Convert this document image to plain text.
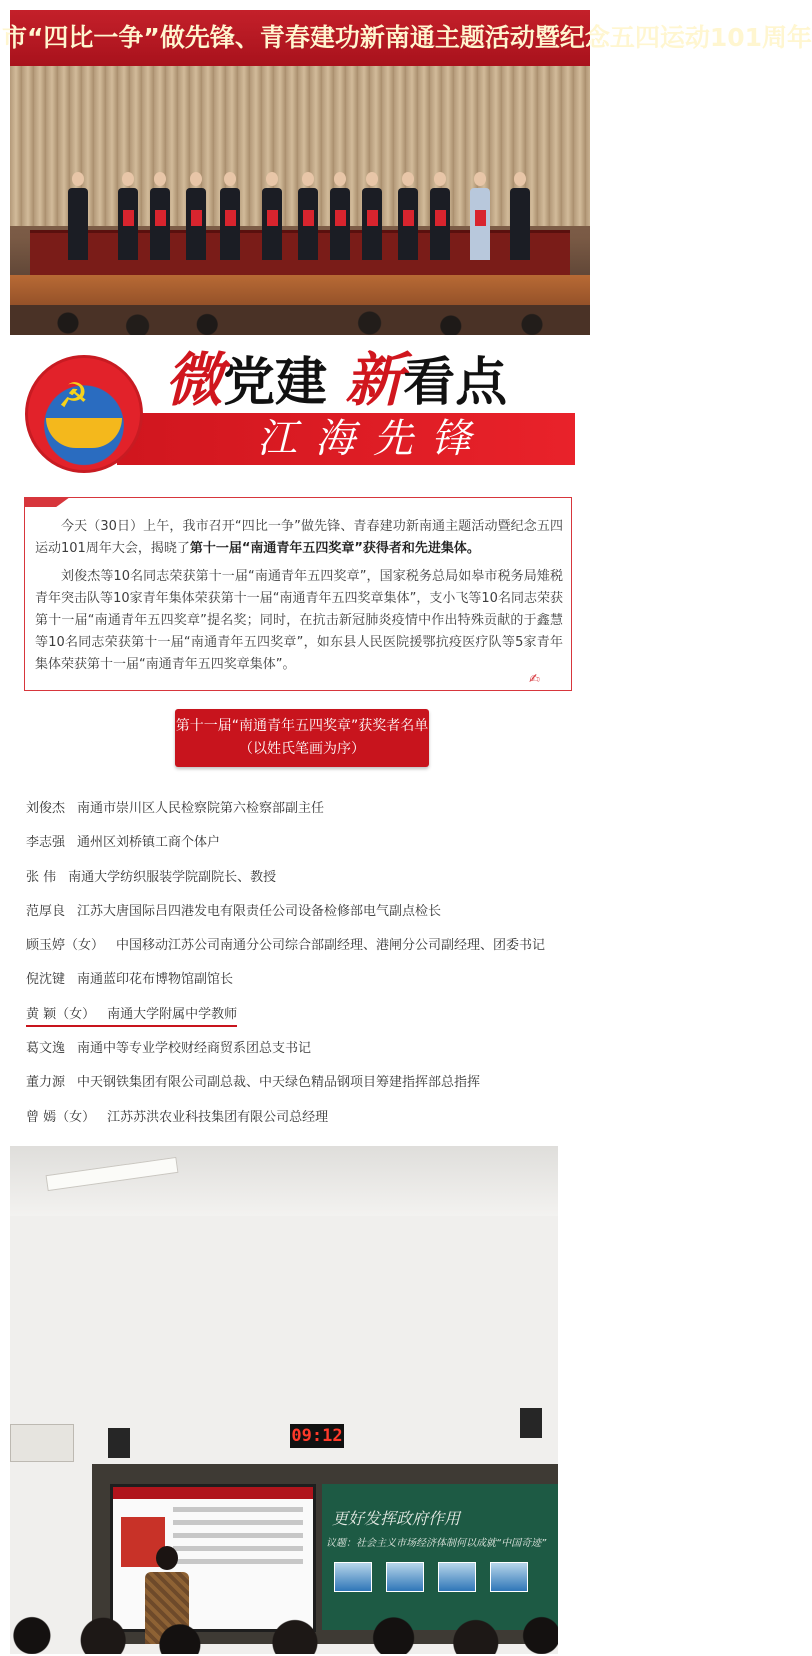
市“四比一争”做先锋、青春建功新南通主题活动暨纪念五四运动101周年
☭ 微党建 新看点
江海先锋

今天（30日）上午，我市召开“四比一争”做先锋、青春建功新南通主题活动暨纪念五四运动101周年大会，揭晓了第十一届“南通青年五四奖章”获得者和先进集体。

刘俊杰等10名同志荣获第十一届“南通青年五四奖章”，国家税务总局如皋市税务局雉税青年突击队等10家青年集体荣获第十一届“南通青年五四奖章集体”，支小飞等10名同志荣获第十一届“南通青年五四奖章”提名奖；同时，在抗击新冠肺炎疫情中作出特殊贡献的于鑫慧等10名同志荣获第十一届“南通青年五四奖章”，如东县人民医院援鄂抗疫医疗队等5家青年集体荣获第十一届“南通青年五四奖章集体”。

✍
第十一届“南通青年五四奖章”获奖者名单
（以姓氏笔画为序）
刘俊杰 南通市崇川区人民检察院第六检察部副主任
李志强 通州区刘桥镇工商个体户
张 伟 南通大学纺织服装学院副院长、教授
范厚良 江苏大唐国际吕四港发电有限责任公司设备检修部电气副点检长
顾玉婷（女） 中国移动江苏公司南通分公司综合部副经理、港闸分公司副经理、团委书记
倪沈键 南通蓝印花布博物馆副馆长
黄 颖（女） 南通大学附属中学教师
葛文逸 南通中等专业学校财经商贸系团总支书记
董力源 中天钢铁集团有限公司副总裁、中天绿色精品钢项目筹建指挥部总指挥
曾 嫣（女） 江苏苏洪农业科技集团有限公司总经理
09:12
更好发挥政府作用
议题：社会主义市场经济体制何以成就“中国奇迹”
